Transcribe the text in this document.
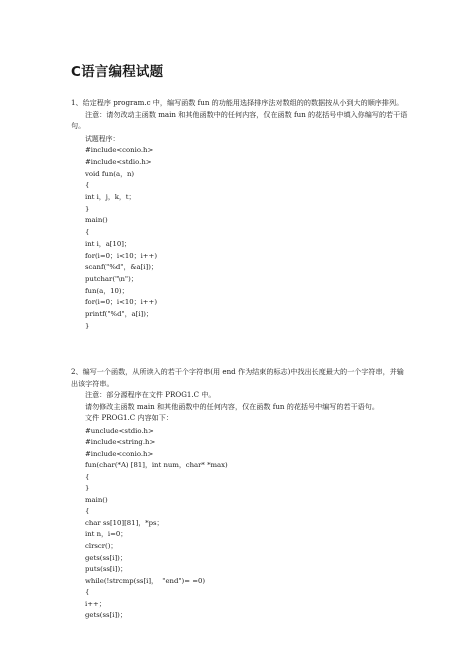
C语言编程试题

1、给定程序 program.c 中，编写函数 fun 的功能用选择排序法对数组的的数据按从小到大的顺序排列。

注意：请勿改动主函数 main 和其他函数中的任何内容，仅在函数 fun 的花括号中填入你编写的若干语

句。

试题程序：

#include<conio.h>

#include<stdio.h>

void fun(a，n)

{

int i，j，k，t；

}

main()

{

int i，a[10]；

for(i=0；i<10；i++)

scanf("%d"，&a[i])；

putchar("\n")；

fun(a，10)；

for(i=0；i<10；i++)

printf("%d"，a[i])；

}

2、编写一个函数，从所读入的若干个字符串(用 end 作为结束的标志)中找出长度最大的一个字符串，并输

出该字符串。

注意：部分源程序在文件 PROG1.C 中。

请勿修改主函数 main 和其他函数中的任何内容，仅在函数 fun 的花括号中编写的若干语句。

文件 PROG1.C 内容如下：

#unclude<stdio.h>

#include<string.h>

#include<conio.h>

fun(char(*A) [81]，int num，char* *max)

{

}

main()

{

char ss[10][81]，*ps；

int n，i=0；

clrscr()；

gets(ss[i])；

puts(ss[i])；

while(!strcmp(ss[i]，  "end")= =0)

{

i++；

gets(ss[i])；
